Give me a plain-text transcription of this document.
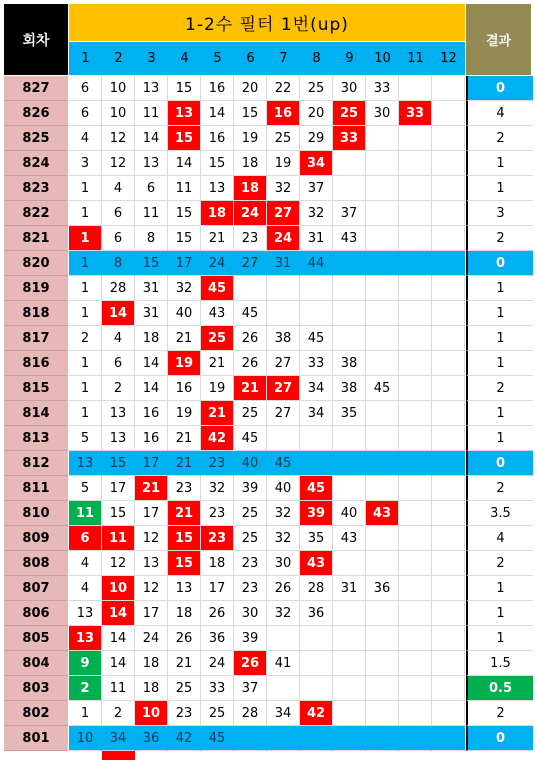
회차
1-2수 필터 1번(up)
1	2	3	4	5	6	7	8	9	10	11	12
결과
827	6	10	13	15	16	20	22	25	30	33	0
826	6	10	11	13	14	15	16	20	25	30	33	4
825	4	12	14	15	16	19	25	29	33	2
824	3	12	13	14	15	18	19	34	1
823	1	4	6	11	13	18	32	37	1
822	1	6	11	15	18	24	27	32	37	3
821	1	6	8	15	21	23	24	31	43	2
820	1	8	15	17	24	27	31	44	0
819	1	28	31	32	45	1
818	1	14	31	40	43	45	1
817	2	4	18	21	25	26	38	45	1
816	1	6	14	19	21	26	27	33	38	1
815	1	2	14	16	19	21	27	34	38	45	2
814	1	13	16	19	21	25	27	34	35	1
813	5	13	16	21	42	45	1
812	13	15	17	21	23	40	45	0
811	5	17	21	23	32	39	40	45	2
810	11	15	17	21	23	25	32	39	40	43	3.5
809	6	11	12	15	23	25	32	35	43	4
808	4	12	13	15	18	23	30	43	2
807	4	10	12	13	17	23	26	28	31	36	1
806	13	14	17	18	26	30	32	36	1
805	13	14	24	26	36	39	1
804	9	14	18	21	24	26	41	1.5
803	2	11	18	25	33	37	0.5
802	1	2	10	23	25	28	34	42	2
801	10	34	36	42	45	0
